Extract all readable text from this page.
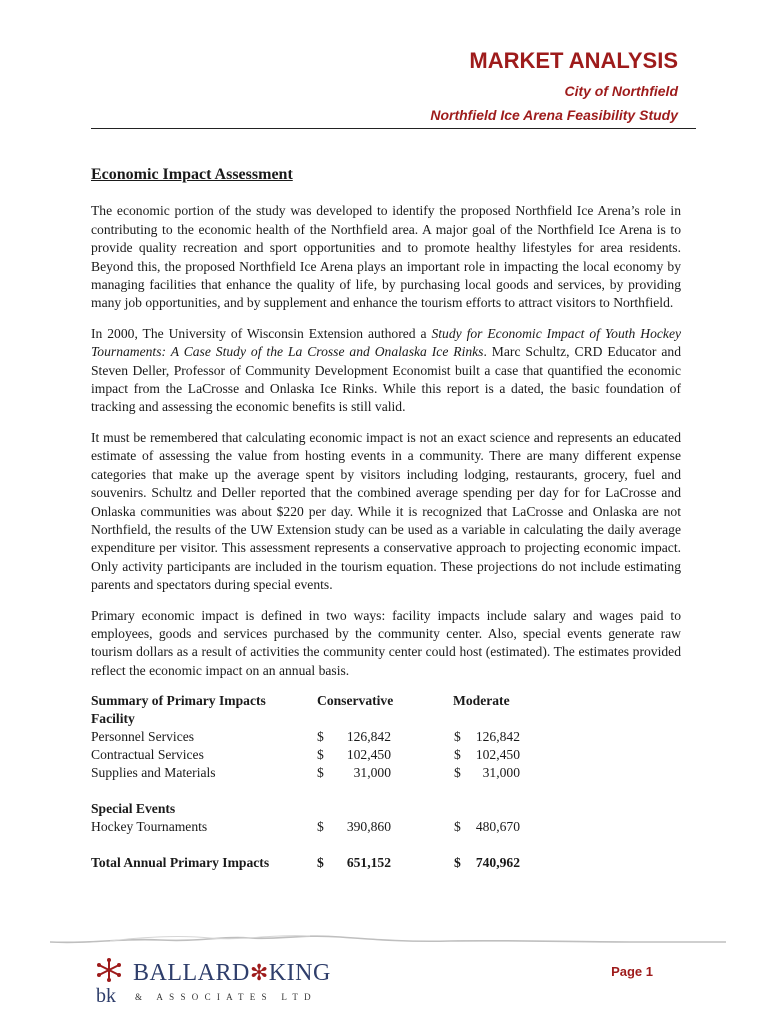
MARKET ANALYSIS
City of Northfield
Northfield Ice Arena Feasibility Study
Economic Impact Assessment

The economic portion of the study was developed to identify the proposed Northfield Ice Arena’s role in contributing to the economic health of the Northfield area. A major goal of the Northfield Ice Arena is to provide quality recreation and sport opportunities and to promote healthy lifestyles for area residents. Beyond this, the proposed Northfield Ice Arena plays an important role in impacting the local economy by managing facilities that enhance the quality of life, by purchasing local goods and services, by providing many job opportunities, and by supplement and enhance the tourism efforts to attract visitors to Northfield.

In 2000, The University of Wisconsin Extension authored a Study for Economic Impact of Youth Hockey Tournaments: A Case Study of the La Crosse and Onalaska Ice Rinks. Marc Schultz, CRD Educator and Steven Deller, Professor of Community Development Economist built a case that quantified the economic impact from the LaCrosse and Onlaska Ice Rinks. While this report is a dated, the basic foundation of tracking and assessing the economic benefits is still valid.

It must be remembered that calculating economic impact is not an exact science and represents an educated estimate of assessing the value from hosting events in a community. There are many different expense categories that make up the average spent by visitors including lodging, restaurants, grocery, fuel and souvenirs. Schultz and Deller reported that the combined average spending per day for for LaCrosse and Onlaska communities was about $220 per day. While it is recognized that LaCrosse and Onlaska are not Northfield, the results of the UW Extension study can be used as a variable in calculating the daily average expenditure per visitor. This assessment represents a conservative approach to projecting economic impact. Only activity participants are included in the tourism equation. These projections do not include estimating parents and spectators during special events.

Primary economic impact is defined in two ways: facility impacts include salary and wages paid to employees, goods and services purchased by the community center. Also, special events generate raw tourism dollars as a result of activities the community center could host (estimated). The estimates provided reflect the economic impact on an annual basis.

Summary of Primary Impacts	Conservative	Moderate
Facility
Personnel Services	$ 126,842	$ 126,842
Contractual Services	$ 102,450	$ 102,450
Supplies and Materials	$ 31,000	$ 31,000
Special Events
Hockey Tournaments	$ 390,860	$ 480,670
Total Annual Primary Impacts	$ 651,152	$ 740,962
bk
BALLARD✻KING
& ASSOCIATES LTD
Page 1
